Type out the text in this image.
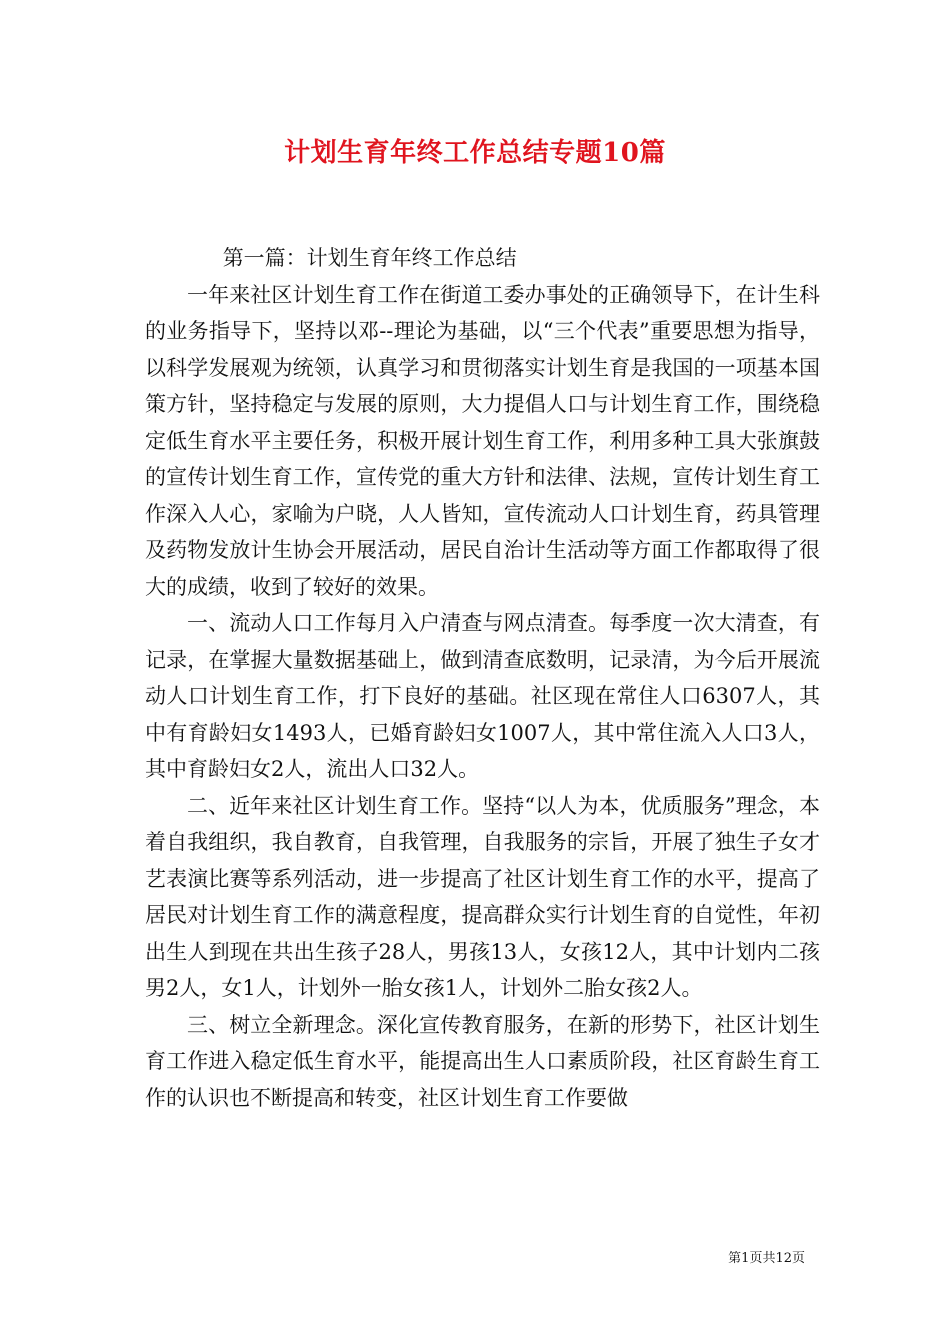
计划生育年终工作总结专题10篇

第一篇：计划生育年终工作总结

一年来社区计划生育工作在街道工委办事处的正确领导下，在计生科的业务指导下，坚持以邓--理论为基础，以“三个代表”重要思想为指导，以科学发展观为统领，认真学习和贯彻落实计划生育是我国的一项基本国策方针，坚持稳定与发展的原则，大力提倡人口与计划生育工作，围绕稳定低生育水平主要任务，积极开展计划生育工作，利用多种工具大张旗鼓的宣传计划生育工作，宣传党的重大方针和法律、法规，宣传计划生育工作深入人心，家喻为户晓，人人皆知，宣传流动人口计划生育，药具管理及药物发放计生协会开展活动，居民自治计生活动等方面工作都取得了很大的成绩，收到了较好的效果。

一、流动人口工作每月入户清查与网点清查。每季度一次大清查，有记录，在掌握大量数据基础上，做到清查底数明，记录清，为今后开展流动人口计划生育工作，打下良好的基础。社区现在常住人口6307人，其中有育龄妇女1493人，已婚育龄妇女1007人，其中常住流入人口3人，其中育龄妇女2人，流出人口32人。

二、近年来社区计划生育工作。坚持“以人为本，优质服务”理念，本着自我组织，我自教育，自我管理，自我服务的宗旨，开展了独生子女才艺表演比赛等系列活动，进一步提高了社区计划生育工作的水平，提高了居民对计划生育工作的满意程度，提高群众实行计划生育的自觉性，年初出生人到现在共出生孩子28人，男孩13人，女孩12人，其中计划内二孩男2人，女1人，计划外一胎女孩1人，计划外二胎女孩2人。

三、树立全新理念。深化宣传教育服务，在新的形势下，社区计划生育工作进入稳定低生育水平，能提高出生人口素质阶段，社区育龄生育工作的认识也不断提高和转变，社区计划生育工作要做

第1页共12页
